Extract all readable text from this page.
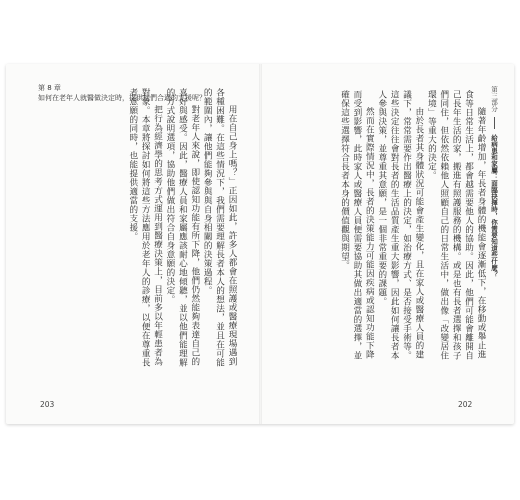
第三部分  給病患和家屬：面臨抉擇時，你需要知道些什麼？

隨著年齡增加，年長者身體的機能會逐漸低下，在移動或舉止進食等日常生活上，都會越需要他人的協助。因此，他們可能會離開自己長年生活的家，搬進有照護服務的機構。或是也有長者選擇和孩子們同住，但依然依賴他人照顧自己的日常生活中，做出像「改變居住環境」等重大的決定。

由於長者其身體狀況可能會產生變化，且在家人或醫療人員的建議下，常常需要作出醫療上的決定，如治療方式、是否接受手術等。這些決定往往會對長者的生活品質產生重大影響，因此如何讓長者本人參與決策，並尊重其意願，是一個非常重要的課題。

然而在實際情況中，長者的決策能力可能因疾病或認知功能下降而受到影響，此時家人或醫療人員便需要協助其做出適當的選擇，並確保這些選擇符合長者本身的價值觀與期望。

第 8 章
如何在老年人就醫做決定時，提供他們合適的支援呢？

用在自己身上嗎？」正因如此，許多人都會在照護或醫療現場遇到各種困難。在這些情況下，我們需要理解長者本人的想法，並且在可能的範圍內，讓他們能夠參與與自身相關的決策過程。

對老年人來說，即使認知功能有所下降，他們仍然能夠表達自己的喜好與感受。因此，醫療人員和家屬應該耐心地傾聽，並以他們能理解的方式說明選項，協助他們做出符合自身意願的決定。

把行為經濟學的思考方式運用到醫療決策上，目前多以年輕患者為對象。本章將探討如何將這些方法應用於老年人的診療，以便在尊重長者意願的同時，也能提供適當的支援。

203	202
